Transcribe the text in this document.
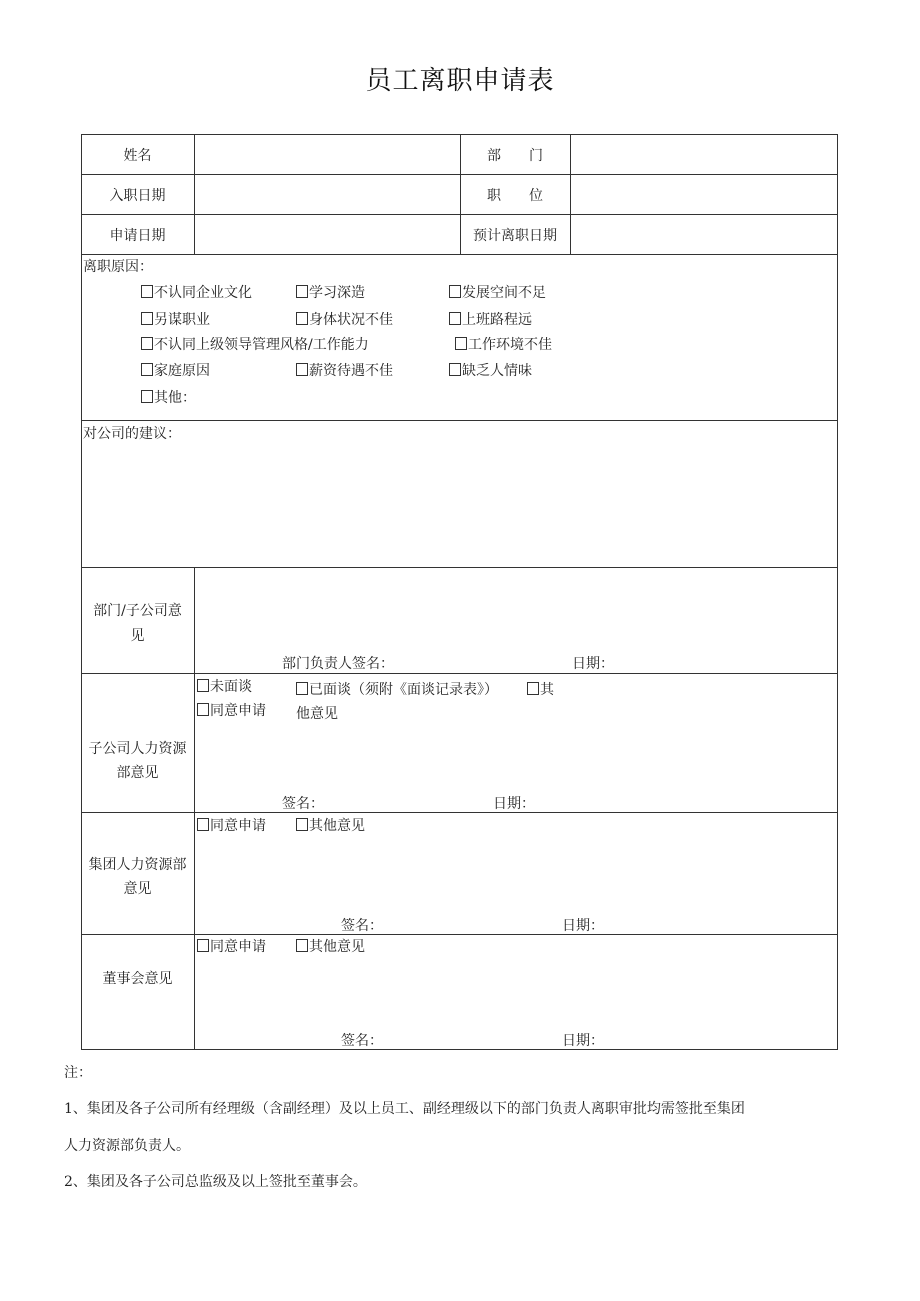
员工离职申请表
姓名	部　　门
入职日期	职　　位
申请日期	预计离职日期
离职原因：
不认同企业文化	学习深造	发展空间不足
另谋职业	身体状况不佳	上班路程远
不认同上级领导管理风格/工作能力	工作环境不佳
家庭原因	薪资待遇不佳	缺乏人情味
其他：
对公司的建议：
部门/子公司意
见
部门负责人签名：	日期：
子公司人力资源
部意见
未面谈	已面谈（须附《面谈记录表》）	其
同意申请 他意见
签名：	日期：
集团人力资源部
意见
同意申请	其他意见
签名：	日期：
董事会意见
同意申请	其他意见
签名：	日期：
注：
1、集团及各子公司所有经理级（含副经理）及以上员工、副经理级以下的部门负责人离职审批均需签批至集团
人力资源部负责人。
2、集团及各子公司总监级及以上签批至董事会。
